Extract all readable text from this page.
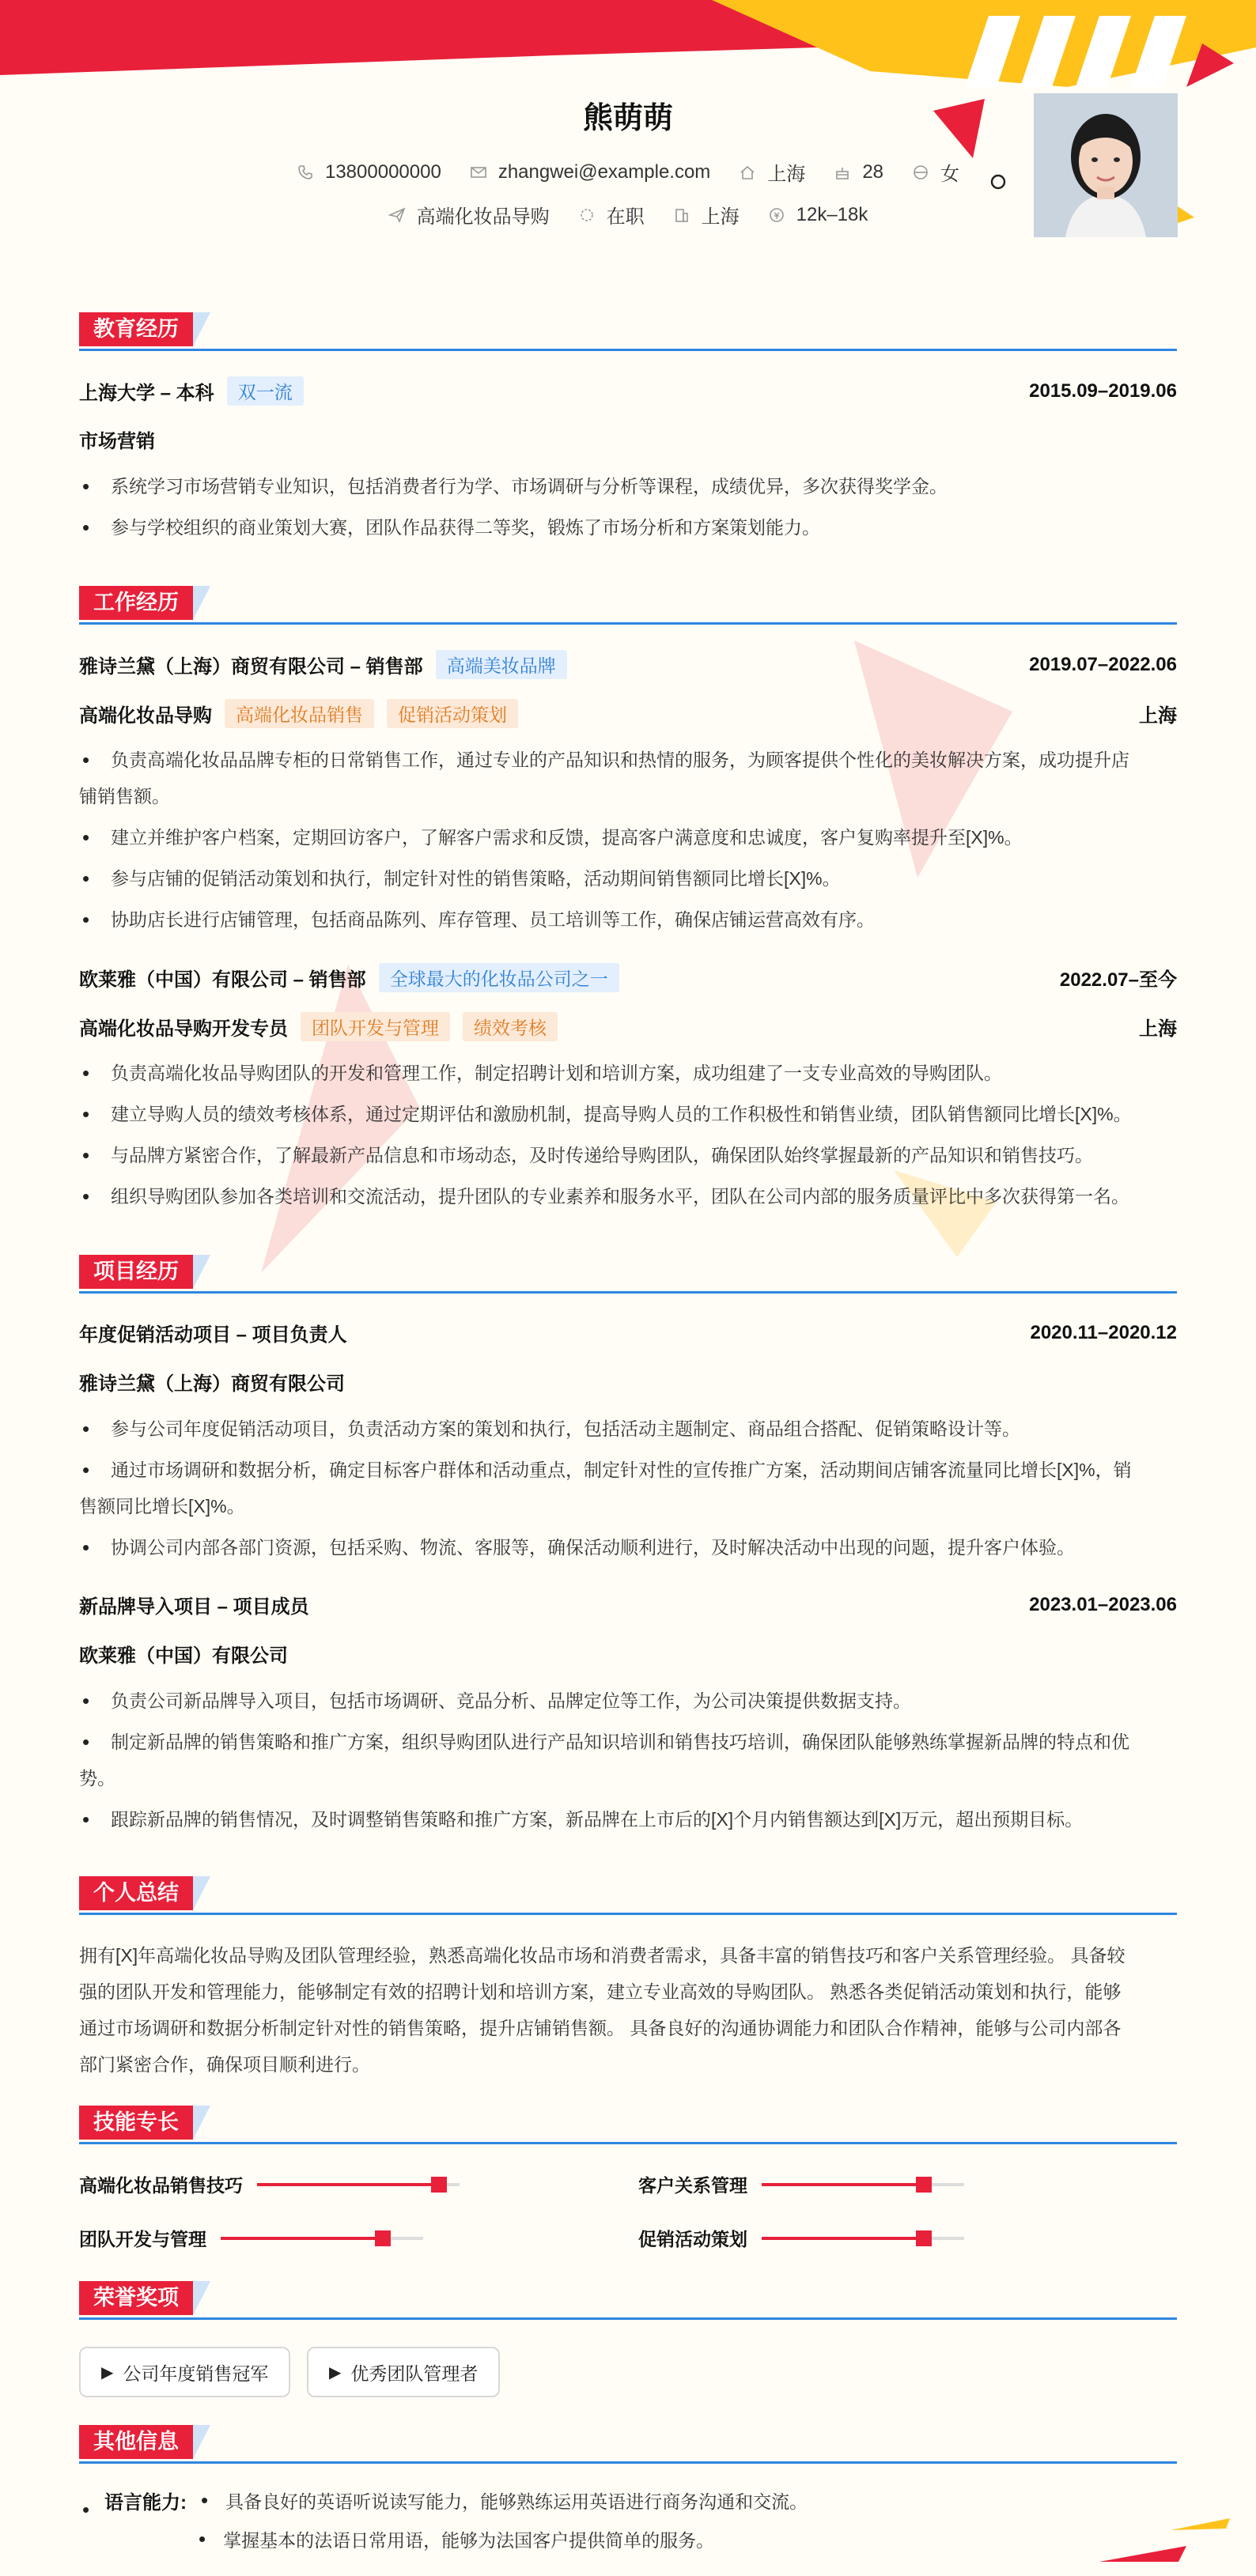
熊萌萌
13800000000	zhangwei@example.com	上海	28	女
高端化妆品导购	在职	上海	12k–18k
教育经历
上海大学 – 本科	双一流	2015.09–2019.06
市场营销
• 系统学习市场营销专业知识，包括消费者行为学、市场调研与分析等课程，成绩优异，多次获得奖学金。
• 参与学校组织的商业策划大赛，团队作品获得二等奖，锻炼了市场分析和方案策划能力。
工作经历
雅诗兰黛（上海）商贸有限公司 – 销售部	高端美妆品牌	2019.07–2022.06
高端化妆品导购	高端化妆品销售	促销活动策划	上海
• 负责高端化妆品品牌专柜的日常销售工作，通过专业的产品知识和热情的服务，为顾客提供个性化的美妆解决方案，成功提升店
铺销售额。
• 建立并维护客户档案，定期回访客户，了解客户需求和反馈，提高客户满意度和忠诚度，客户复购率提升至[X]%。
• 参与店铺的促销活动策划和执行，制定针对性的销售策略，活动期间销售额同比增长[X]%。
• 协助店长进行店铺管理，包括商品陈列、库存管理、员工培训等工作，确保店铺运营高效有序。
欧莱雅（中国）有限公司 – 销售部	全球最大的化妆品公司之一	2022.07–至今
高端化妆品导购开发专员	团队开发与管理	绩效考核	上海
• 负责高端化妆品导购团队的开发和管理工作，制定招聘计划和培训方案，成功组建了一支专业高效的导购团队。
• 建立导购人员的绩效考核体系，通过定期评估和激励机制，提高导购人员的工作积极性和销售业绩，团队销售额同比增长[X]%。
• 与品牌方紧密合作，了解最新产品信息和市场动态，及时传递给导购团队，确保团队始终掌握最新的产品知识和销售技巧。
• 组织导购团队参加各类培训和交流活动，提升团队的专业素养和服务水平，团队在公司内部的服务质量评比中多次获得第一名。
项目经历
年度促销活动项目 – 项目负责人	2020.11–2020.12
雅诗兰黛（上海）商贸有限公司
• 参与公司年度促销活动项目，负责活动方案的策划和执行，包括活动主题制定、商品组合搭配、促销策略设计等。
• 通过市场调研和数据分析，确定目标客户群体和活动重点，制定针对性的宣传推广方案，活动期间店铺客流量同比增长[X]%，销
售额同比增长[X]%。
• 协调公司内部各部门资源，包括采购、物流、客服等，确保活动顺利进行，及时解决活动中出现的问题，提升客户体验。
新品牌导入项目 – 项目成员	2023.01–2023.06
欧莱雅（中国）有限公司
• 负责公司新品牌导入项目，包括市场调研、竞品分析、品牌定位等工作，为公司决策提供数据支持。
• 制定新品牌的销售策略和推广方案，组织导购团队进行产品知识培训和销售技巧培训，确保团队能够熟练掌握新品牌的特点和优
势。
• 跟踪新品牌的销售情况，及时调整销售策略和推广方案，新品牌在上市后的[X]个月内销售额达到[X]万元，超出预期目标。
个人总结
拥有[X]年高端化妆品导购及团队管理经验，熟悉高端化妆品市场和消费者需求，具备丰富的销售技巧和客户关系管理经验。 具备较
强的团队开发和管理能力，能够制定有效的招聘计划和培训方案，建立专业高效的导购团队。 熟悉各类促销活动策划和执行，能够
通过市场调研和数据分析制定针对性的销售策略，提升店铺销售额。 具备良好的沟通协调能力和团队合作精神，能够与公司内部各
部门紧密合作，确保项目顺利进行。
技能专长
高端化妆品销售技巧	客户关系管理
团队开发与管理	促销活动策划
荣誉奖项
▶ 公司年度销售冠军	▶ 优秀团队管理者
其他信息
• 语言能力: • 具备良好的英语听说读写能力，能够熟练运用英语进行商务沟通和交流。
• 掌握基本的法语日常用语，能够为法国客户提供简单的服务。
